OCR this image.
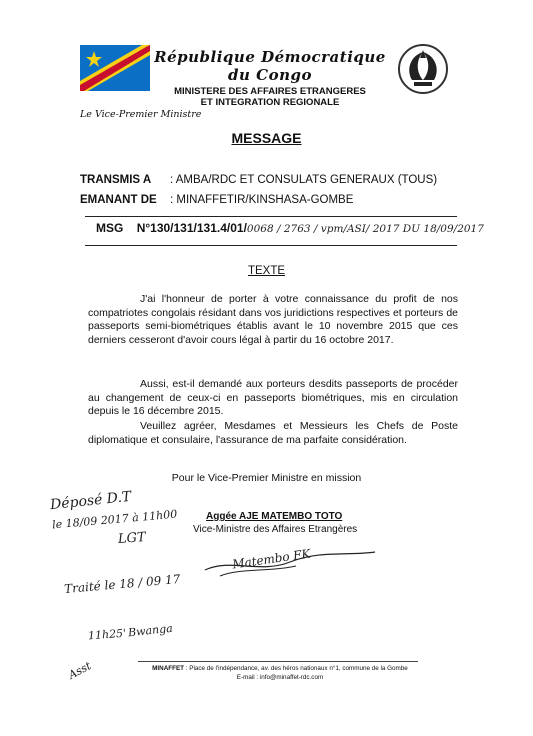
République Démocratique du Congo
MINISTERE DES AFFAIRES ETRANGERES
ET INTEGRATION REGIONALE
Le Vice-Premier Ministre
MESSAGE
TRANSMIS A : AMBA/RDC ET CONSULATS GENERAUX (TOUS)
EMANANT DE : MINAFFETIR/KINSHASA-GOMBE
MSG N°130/131/131.4/01/0068 / 2763 / vpm/ASI/ 2017 DU 18/09/2017
TEXTE
J'ai l'honneur de porter à votre connaissance du profit de nos compatriotes congolais résidant dans vos juridictions respectives et porteurs de passeports semi-biométriques établis avant le 10 novembre 2015 que ces derniers cesseront d'avoir cours légal à partir du 16 octobre 2017.
Aussi, est-il demandé aux porteurs desdits passeports de procéder au changement de ceux-ci en passeports biométriques, mis en circulation depuis le 16 décembre 2015.
Veuillez agréer, Mesdames et Messieurs les Chefs de Poste diplomatique et consulaire, l'assurance de ma parfaite considération.
Pour le Vice-Premier Ministre en mission
Aggée AJE MATEMBO TOTO
Vice-Ministre des Affaires Etrangères
Déposé D.T
le 18/09 2017 à 11h00
LGT
Matembo FK
Traité le 18 / 09 17
11h25' Bwanga
Asst	MINAFFET : Place de l'indépendance, av. des héros nationaux n°1, commune de la Gombe
E-mail : info@minaffet-rdc.com
